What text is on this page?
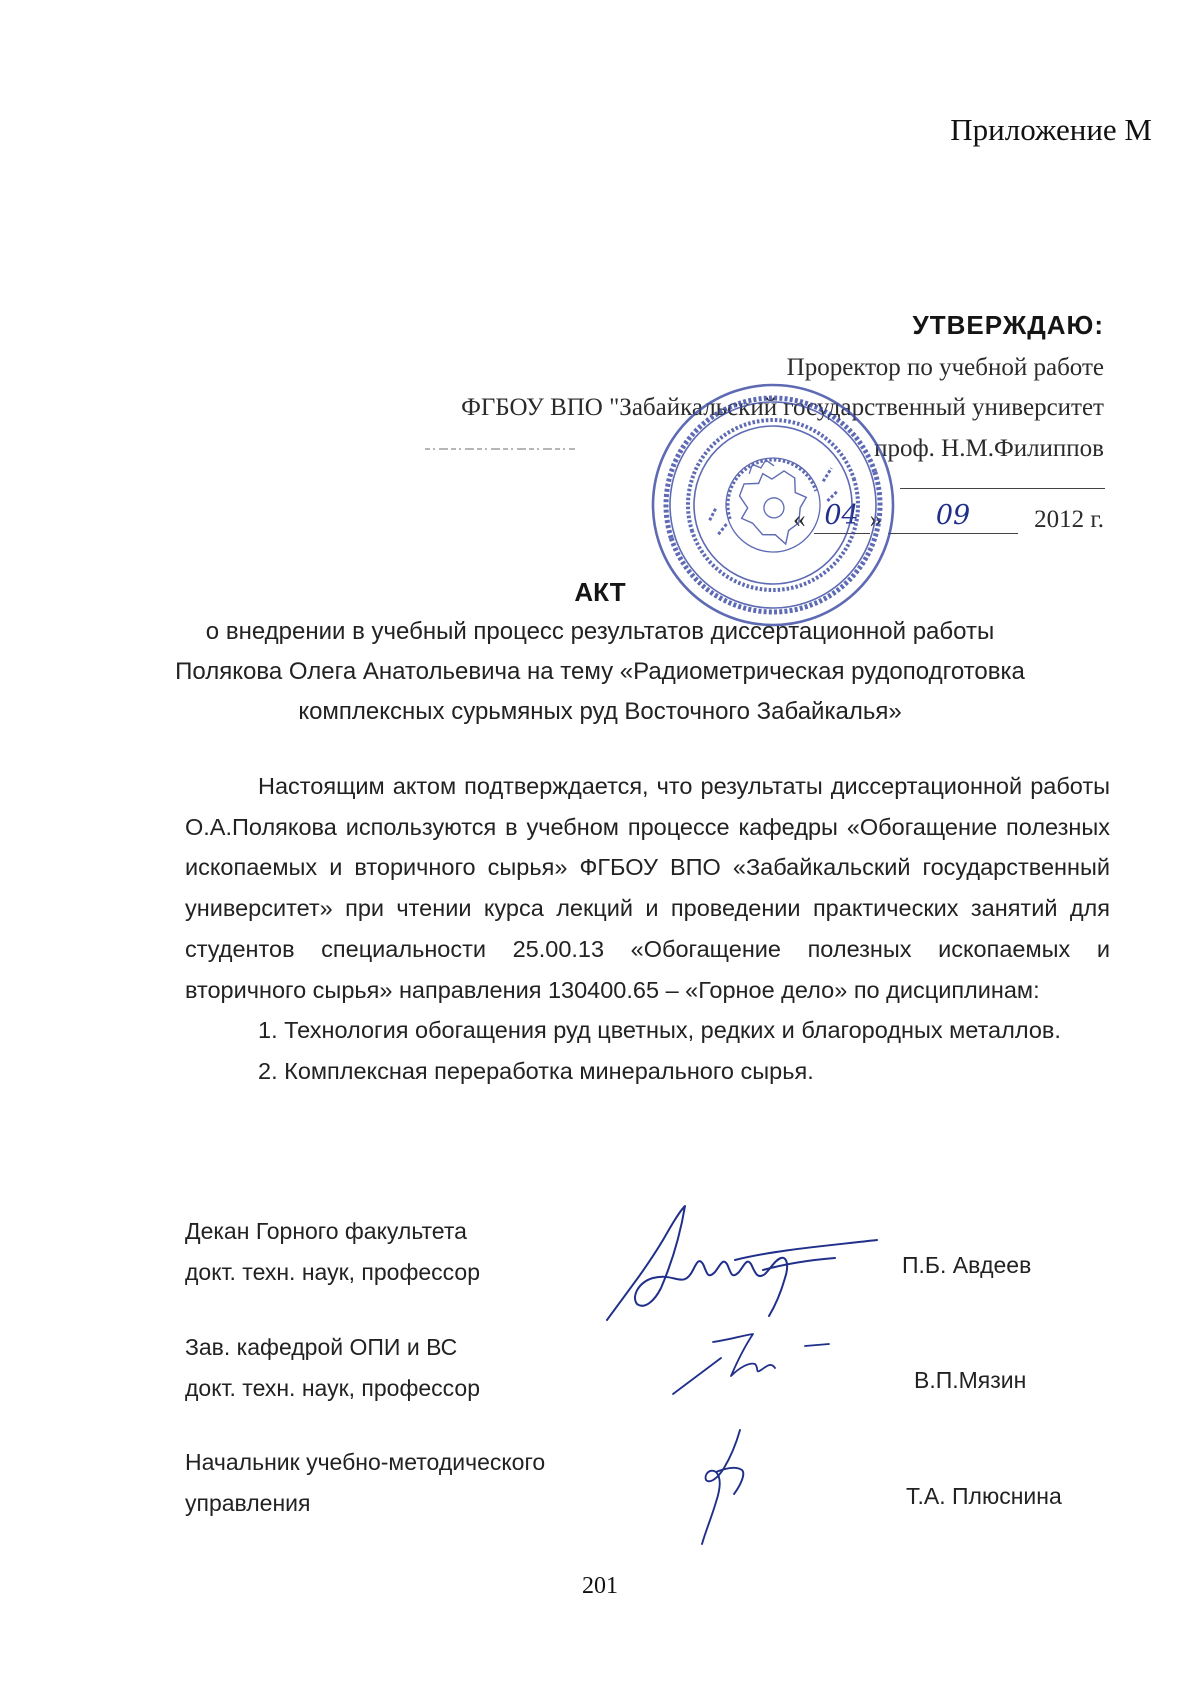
Приложение М
УТВЕРЖДАЮ:
Проректор по учебной работе
ФГБОУ ВПО "Забайкальский государственный университет
проф. Н.М.Филиппов
« 04 »	09	2012 г.
АКТ
о внедрении в учебный процесс результатов диссертационной работы
Полякова Олега Анатольевича на тему «Радиометрическая рудоподготовка
комплексных сурьмяных руд Восточного Забайкалья»

Настоящим актом подтверждается, что результаты диссертационной работы О.А.Полякова используются в учебном процессе кафедры «Обогащение полезных ископаемых и вторичного сырья» ФГБОУ ВПО «Забайкальский государственный университет» при чтении курса лекций и проведении практических занятий для студентов специальности 25.00.13 «Обогащение полезных ископаемых и вторичного сырья» направления 130400.65 – «Горное дело» по дисциплинам:

1. Технология обогащения руд цветных, редких и благородных металлов.

2. Комплексная переработка минерального сырья.

Декан Горного факультета
докт. техн. наук, профессор	П.Б. Авдеев
Зав. кафедрой ОПИ и ВС
докт. техн. наук, профессор	В.П.Мязин
Начальник учебно-методического
управления	Т.А. Плюснина
201
